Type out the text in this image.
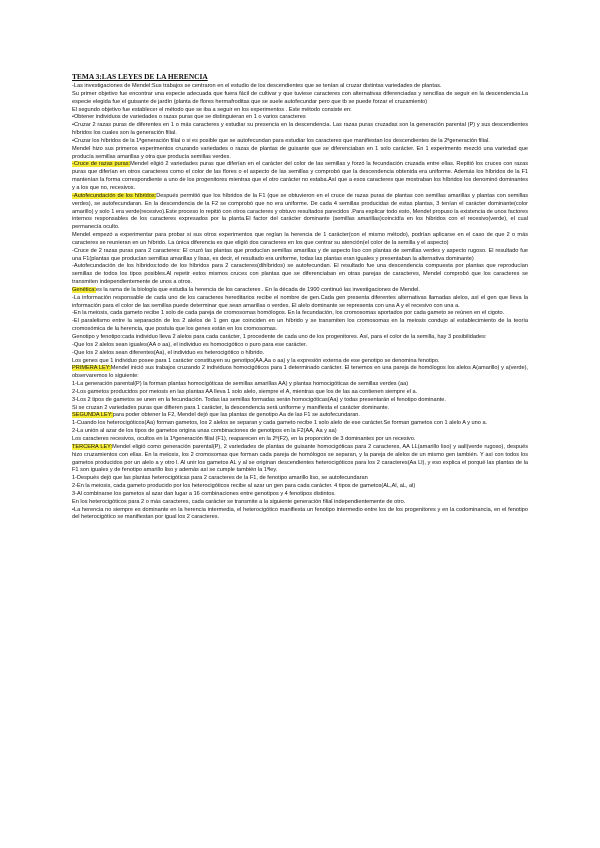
TEMA 3:LAS LEYES DE LA HERENCIA

-Las investigaciones de Mendel:Sus trabajos se centraron en el estudio de los descendientes que se tenían al cruzar distintas variedades de plantas.

Su primer objetivo fue encontrar una especie adecuada que fuera fácil de cultivar y que tuviese caracteres con alternativas diferenciadas y sencillas de seguir en la descendencia.La especie elegida fue el guisante de jardín (planta de flores hermafroditas que se suele autofecundar pero que tb se puede forzar el cruzamiento)

El segundo objetivo fue establecer el método que se iba a seguir en los experimentos . Este método consiste en:

•Obtener individuos de variedades o razas puras que se distinguieran en 1 o varios caracteres

•Cruzar 2 razas puras de diferentes en 1 o más caracteres y estudiar su presencia en la descendencia. Las razas puras cruzadas son la generación parental (P) y sus descendientes híbridos los cuales son la generación filial.

•Cruzar los híbridos de la 1ªgeneración filial o si es posible que se autofecundan para estudiar los caracteres que manifiestan los descendientes de la 2ªgeneración filial.

Mendel hizo sus primeros experimentos cruzando variedades o razas de plantas de guisante que se diferenciaban en 1 solo carácter. En 1 experimento mezcló una variedad que producía semillas amarillas y otra que producía semillas verdes.

-Cruce de razas puras:Mendel eligió 2 variedades puras que diferían en el carácter del color de las semillas y forzó la fecundación cruzada entre ellas. Repitió los cruces con razas puras que diferían en otros caracteres como el color de las flores o el aspecto de las semillas y comprobó que la descendencia obtenida era uniforme. Además los híbridos de la F1 mantenían la forma correspondiente a uno de los progenitores mientras que el otro carácter no estaba.Así que a esos caracteres que mostraban los híbridos los denominó dominantes y a los que no, recesivos.

-Autofecundación de los híbridos:Después permitió que los híbridos de la F1 (que se obtuvieron en el cruce de razas puras de plantas con semillas amarillas y plantas con semillas verdes), se autofecundaran. En la descendencia de la F2 se comprobó que no era uniforme. De cada 4 semillas producidas de estas plantas, 3 tenían el carácter dominante(color amarillo) y solo 1 era verde(recesivo).Este proceso lo repitió con otros caracteres y obtuvo resultados parecidos .Para explicar todo esto, Mendel propuso la existencia de unos factores internos responsables de los caracteres expresados por la planta.El factor del carácter dominante (semillas amarillas)coincidía en los híbridos con el recesivo(verde), el cual permanecía oculto.

Mendel empezó a experimentar para probar si sus otros experimentos que regían la herencia de 1 carácter(con el mismo método), podrían aplicarse en el caso de que 2 o más caracteres se reunieran en un híbrido. La única diferencia es que eligió dos caracteres en los que centrar su atención(el color de la semilla y el aspecto)

-Cruce de 2 razas puras para 2 caracteres: El cruzó las plantas que producían semillas amarillas y de aspecto liso con plantas de semillas verdes y aspecto rugoso. El resultado fue una F1(plantas que producían semillas amarillas y lisas, es decir, el resultado era uniforme, todas las plantas eran iguales y presentaban la alternativa dominante)

-Autofecundación de los híbridos:todo de los híbridos para 2 caracteres(dihíbridos) se autofecundan. El resultado fue una descendencia compuesta por plantas que reproducían semillas de todos los tipos posibles.Al repetir estos mismos cruces con plantas que se diferenciaban en otras parejas de caracteres, Mendel comprobó que los caracteres se transmiten independientemente de unos a otros.

Genética:es la rama de la biología que estudia la herencia de los caracteres . En la década de 1900 continuó las investigaciones de Mendel.

-La información responsable de cada uno de los caracteres hereditarios recibe el nombre de gen.Cada gen presenta diferentes alternativas llamadas alelos, así el gen que lleva la información para el color de las semillas puede determinar que sean amarillas o verdes. El alelo dominante se representa con una A y el recesivo con una a.

-En la meiosis, cada gameto recibe 1 solo de cada pareja de cromosomas homólogos. En la fecundación, los cromosomas aportados por cada gameto se reúnen en el cigoto.

-El paralelismo entre la separación de los 2 alelos de 1 gen que coinciden en un híbrido y se transmiten los cromosomas en la meiosis condujo al establecimiento de la teoría cromosómica de la herencia, que postula que los genes están en los cromosomas.

Genotipo y fenotipo:cada individuo lleva 2 alelos para cada carácter, 1 procedente de cada uno de los progenitores. Así, para el color de la semilla, hay 3 posibilidades:

-Que los 2 alelos sean iguales(AA o aa), el individuo es homocigótico o puro para ese carácter.

-Que los 2 alelos sean diferentes(Aa), el individuo es heterocigótico o híbrido.

Los genes que 1 individuo posee para 1 carácter constituyen su genotipo(AA,Aa o aa) y la expresión externa de ese genotipo se denomina fenotipo.

PRIMERA LEY:Mendel inició sus trabajos cruzando 2 individuos homocigóticos para 1 determinado carácter. El tenemos en una pareja de homólogos los alelos A(amarillo) y a(verde), observaremos lo siguiente:

1-La generación parental(P) la forman plantas homocigóticas de semillas amarillas AA) y plantas homocigóticas de semillas verdes (aa)

2-Los gametos producidos por meiosis en las plantas AA lleva 1 solo alelo, siempre el A, mientras que los de las aa contienen siempre el a.

3-Los 2 tipos de gametos se unen en la fecundación. Todas las semillas formadas serán homocigóticas(Aa) y todas presentarán el fenotipo dominante.

Si se cruzan 2 variedades puras que difieren para 1 carácter, la descendencia será uniforme y manifiesta el carácter dominante.

SEGUNDA LEY:para poder obtener la F2, Mendel dejó que las plantas de genotipo Aa de las F1 se autofecundaran.

1-Cuando los heterocigóticos(Aa) forman gametos, los 2 alelos se separan y cada gameto recibe 1 solo alelo de ese carácter.Se forman gametos con 1 alelo A y uno a.

2-La unión al azar de los tipos de gametos origina unas combinaciones de genotipos en la F2(AA, Aa y aa)

Los caracteres recesivos, ocultos en la 1ªgeneración filial (F1), reaparecen en la 2ª(F2), en la proporción de 3 dominantes por un recesivo.

TERCERA LEY:Mendel eligió como generación parental(P), 2 variedades de plantas de guisante homocigóticas para 2 caracteres, AA LL(amarillo liso) y aall(verde rugoso), después hizo cruzamientos con ellas. En la meiosis, los 2 cromosomas que forman cada pareja de homólogos se separan, y la pareja de alelos de un mismo gen también. Y así con todos los gametos producidos por un alelo a y otro l. Al unir los gametos AL y al se originan descendientes heterocigóticos para los 2 caracteres(Aa Ll), y eso explica el porqué las plantas de la F1 son iguales y de fenotipo amarillo liso y además así se cumple también la 1ªley.

1-Después dejó que las plantas heterocigóticas para 2 caracteres de la F1, de fenotipo amarillo liso, se autofecundaran

2-En la meiosis, cada gameto producido por los heterocigóticos recibe al azar un gen para cada carácter. 4 tipos de gametos(AL,Al, aL, al)

3-Al combinarse los gametos al azar dan lugar a 16 combinaciones entre genotipos y 4 fenotipos distintos.

En los heterocigóticos para 2 o más caracteres, cada carácter se transmite a la siguiente generación filial independientemente de otro.

•La herencia no siempre es dominante en la herencia intermedia, el heterocigótico manifiesta un fenotipo intermedio entre los de los progenitores y en la codominancia, en el fenotipo del heterocigótico se manifiestan por igual los 2 caracteres.
